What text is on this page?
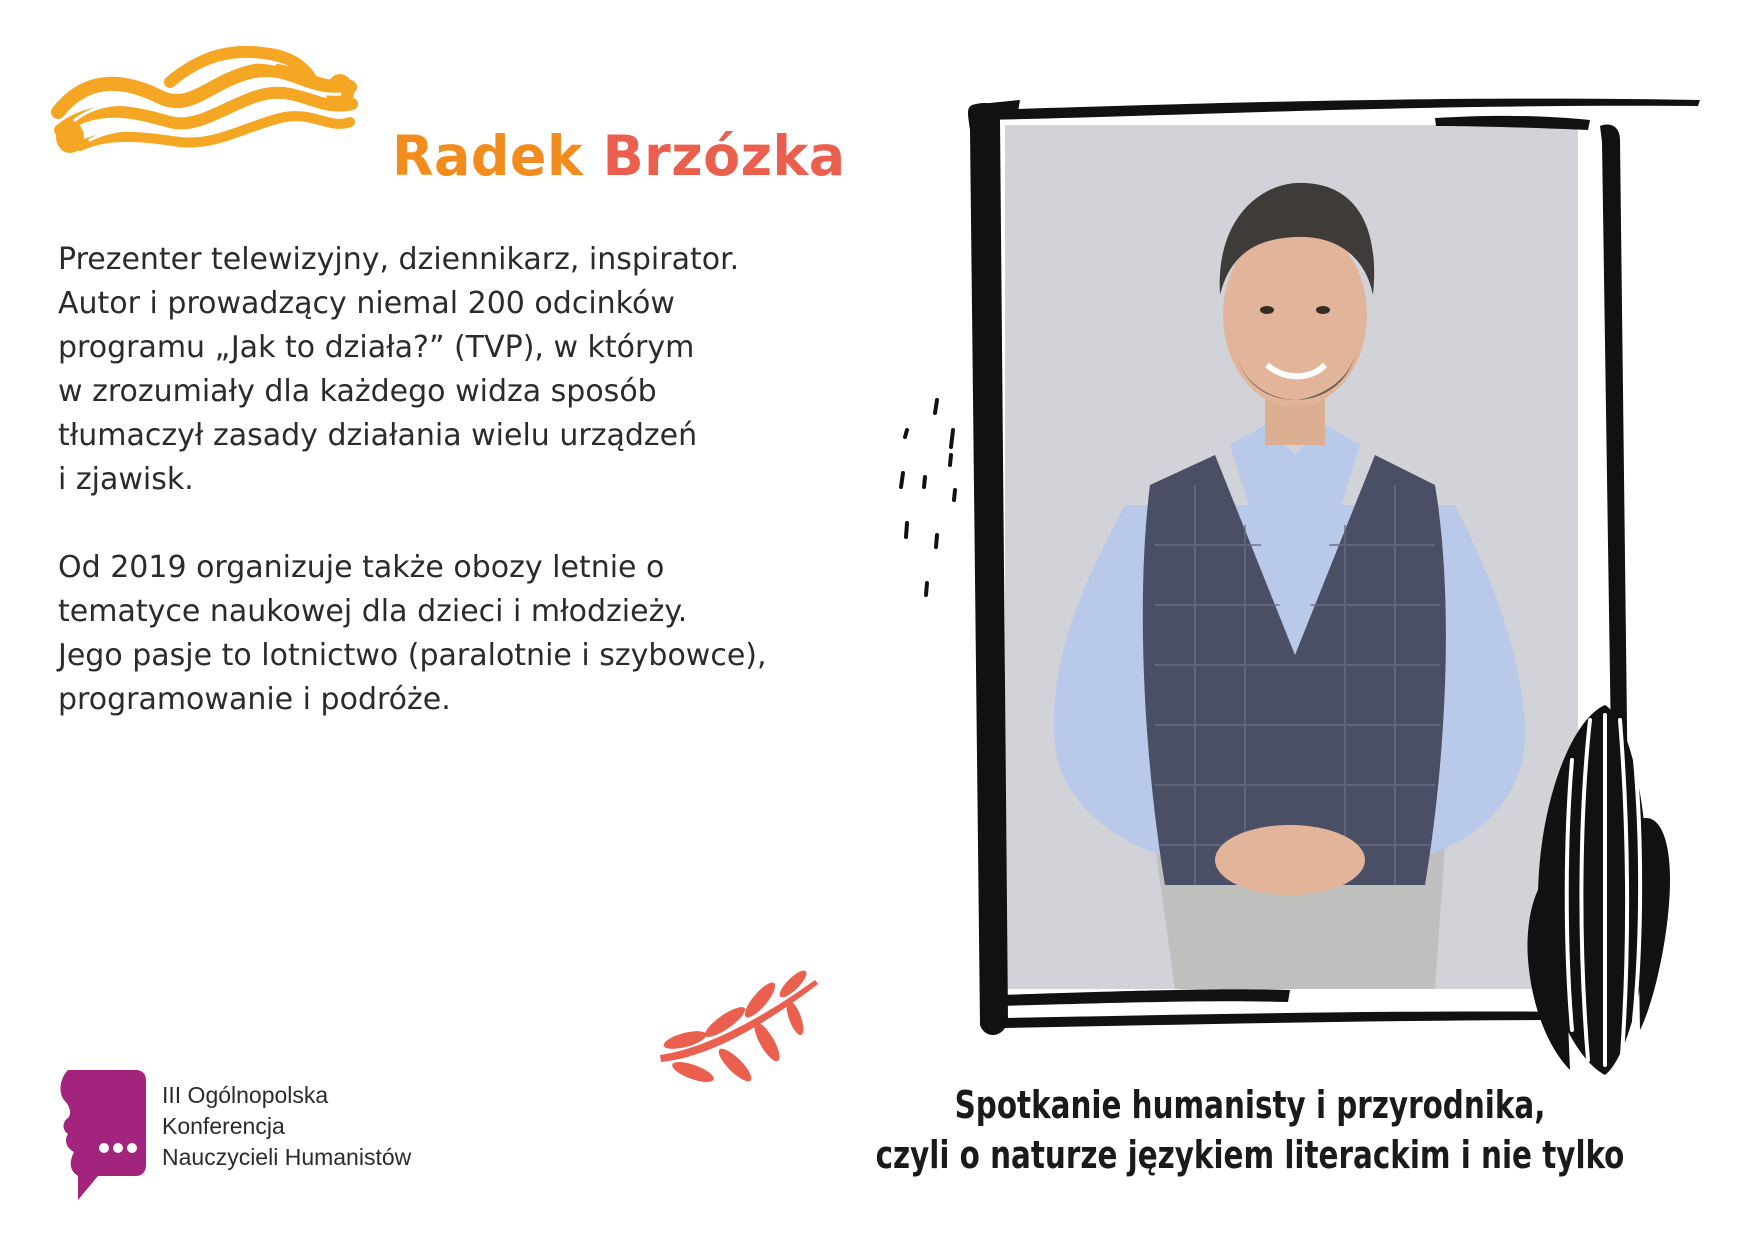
Radek Brzózka

Prezenter telewizyjny, dziennikarz, inspirator.
Autor i prowadzący niemal 200 odcinków
programu „Jak to działa?” (TVP), w którym
w zrozumiały dla każdego widza sposób
tłumaczył zasady działania wielu urządzeń
i zjawisk.

Od 2019 organizuje także obozy letnie o
tematyce naukowej dla dzieci i młodzieży.
Jego pasje to lotnictwo (paralotnie i szybowce),
programowanie i podróże.

III Ogólnopolska
Konferencja
Nauczycieli Humanistów
Spotkanie humanisty i przyrodnika,
czyli o naturze językiem literackim i nie tylko
